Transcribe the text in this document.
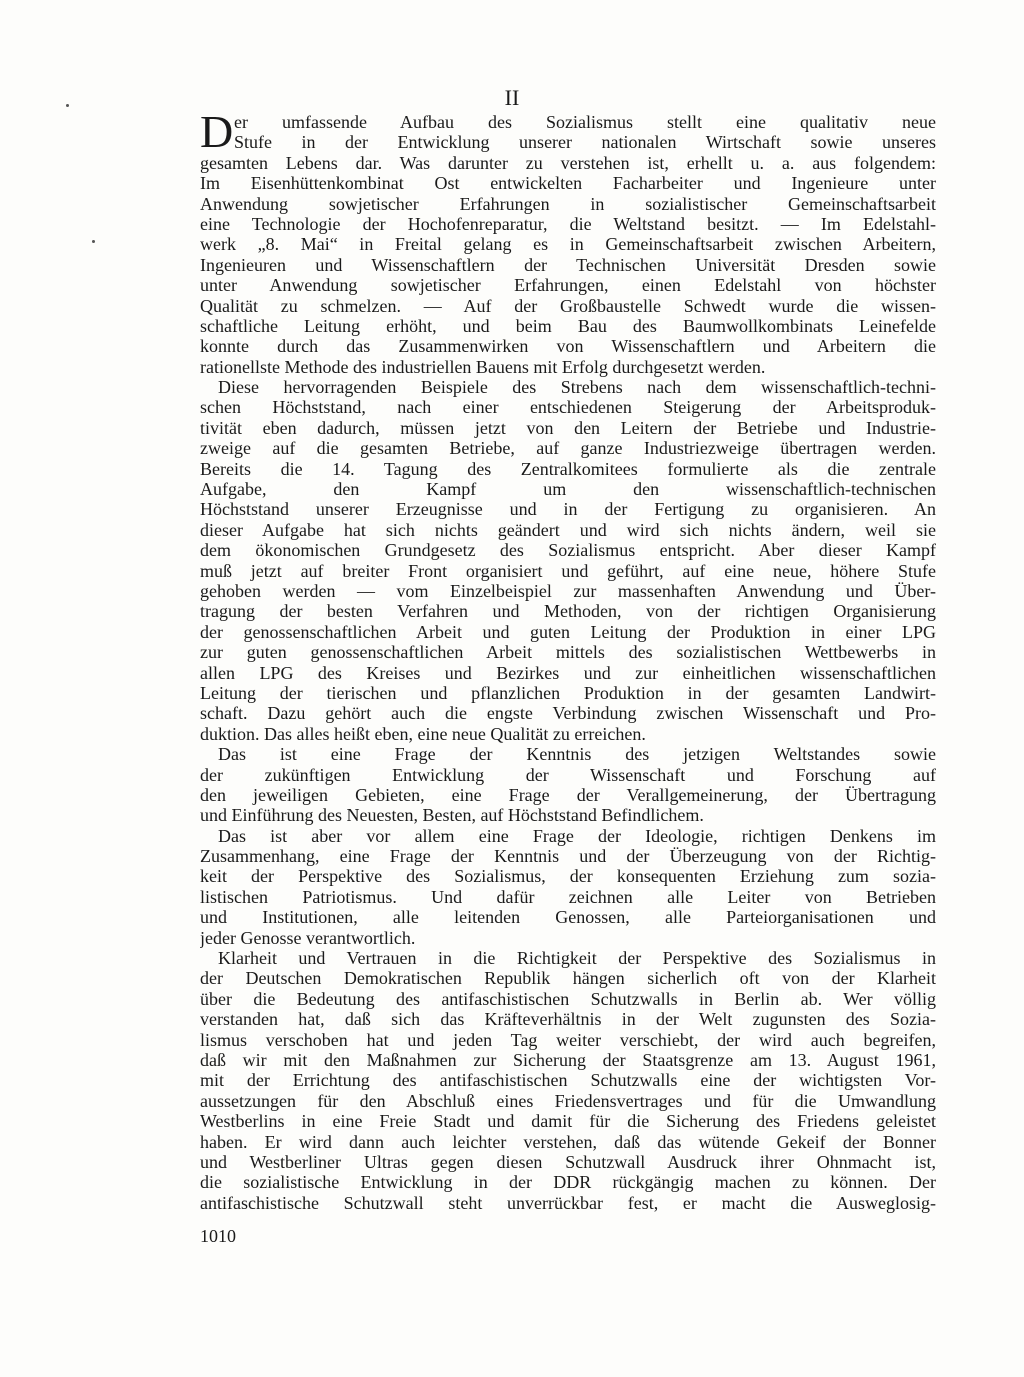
II
D er umfassende Aufbau des Sozialismus stellt eine qualitativ neue
Stufe in der Entwicklung unserer nationalen Wirtschaft sowie unseres
gesamten Lebens dar. Was darunter zu verstehen ist, erhellt u. a. aus folgendem:
Im Eisenhüttenkombinat Ost entwickelten Facharbeiter und Ingenieure unter
Anwendung sowjetischer Erfahrungen in sozialistischer Gemeinschaftsarbeit
eine Technologie der Hochofenreparatur, die Weltstand besitzt. — Im Edelstahl-
werk „8. Mai“ in Freital gelang es in Gemeinschaftsarbeit zwischen Arbeitern,
Ingenieuren und Wissenschaftlern der Technischen Universität Dresden sowie
unter Anwendung sowjetischer Erfahrungen, einen Edelstahl von höchster
Qualität zu schmelzen. — Auf der Großbaustelle Schwedt wurde die wissen-
schaftliche Leitung erhöht, und beim Bau des Baumwollkombinats Leinefelde
konnte durch das Zusammenwirken von Wissenschaftlern und Arbeitern die
rationellste Methode des industriellen Bauens mit Erfolg durchgesetzt werden.
Diese hervorragenden Beispiele des Strebens nach dem wissenschaftlich-techni-
schen Höchststand, nach einer entschiedenen Steigerung der Arbeitsproduk-
tivität eben dadurch, müssen jetzt von den Leitern der Betriebe und Industrie-
zweige auf die gesamten Betriebe, auf ganze Industriezweige übertragen werden.
Bereits die 14. Tagung des Zentralkomitees formulierte als die zentrale
Aufgabe, den Kampf um den wissenschaftlich-technischen
Höchststand unserer Erzeugnisse und in der Fertigung zu organisieren. An
dieser Aufgabe hat sich nichts geändert und wird sich nichts ändern, weil sie
dem ökonomischen Grundgesetz des Sozialismus entspricht. Aber dieser Kampf
muß jetzt auf breiter Front organisiert und geführt, auf eine neue, höhere Stufe
gehoben werden — vom Einzelbeispiel zur massenhaften Anwendung und Über-
tragung der besten Verfahren und Methoden, von der richtigen Organisierung
der genossenschaftlichen Arbeit und guten Leitung der Produktion in einer LPG
zur guten genossenschaftlichen Arbeit mittels des sozialistischen Wettbewerbs in
allen LPG des Kreises und Bezirkes und zur einheitlichen wissenschaftlichen
Leitung der tierischen und pflanzlichen Produktion in der gesamten Landwirt-
schaft. Dazu gehört auch die engste Verbindung zwischen Wissenschaft und Pro-
duktion. Das alles heißt eben, eine neue Qualität zu erreichen.
Das ist eine Frage der Kenntnis des jetzigen Weltstandes sowie
der zukünftigen Entwicklung der Wissenschaft und Forschung auf
den jeweiligen Gebieten, eine Frage der Verallgemeinerung, der Übertragung
und Einführung des Neuesten, Besten, auf Höchststand Befindlichem.
Das ist aber vor allem eine Frage der Ideologie, richtigen Denkens im
Zusammenhang, eine Frage der Kenntnis und der Überzeugung von der Richtig-
keit der Perspektive des Sozialismus, der konsequenten Erziehung zum sozia-
listischen Patriotismus. Und dafür zeichnen alle Leiter von Betrieben
und Institutionen, alle leitenden Genossen, alle Parteiorganisationen und
jeder Genosse verantwortlich.
Klarheit und Vertrauen in die Richtigkeit der Perspektive des Sozialismus in
der Deutschen Demokratischen Republik hängen sicherlich oft von der Klarheit
über die Bedeutung des antifaschistischen Schutzwalls in Berlin ab. Wer völlig
verstanden hat, daß sich das Kräfteverhältnis in der Welt zugunsten des Sozia-
lismus verschoben hat und jeden Tag weiter verschiebt, der wird auch begreifen,
daß wir mit den Maßnahmen zur Sicherung der Staatsgrenze am 13. August 1961,
mit der Errichtung des antifaschistischen Schutzwalls eine der wichtigsten Vor-
aussetzungen für den Abschluß eines Friedensvertrages und für die Umwandlung
Westberlins in eine Freie Stadt und damit für die Sicherung des Friedens geleistet
haben. Er wird dann auch leichter verstehen, daß das wütende Gekeif der Bonner
und Westberliner Ultras gegen diesen Schutzwall Ausdruck ihrer Ohnmacht ist,
die sozialistische Entwicklung in der DDR rückgängig machen zu können. Der
antifaschistische Schutzwall steht unverrückbar fest, er macht die Ausweglosig-
1010
